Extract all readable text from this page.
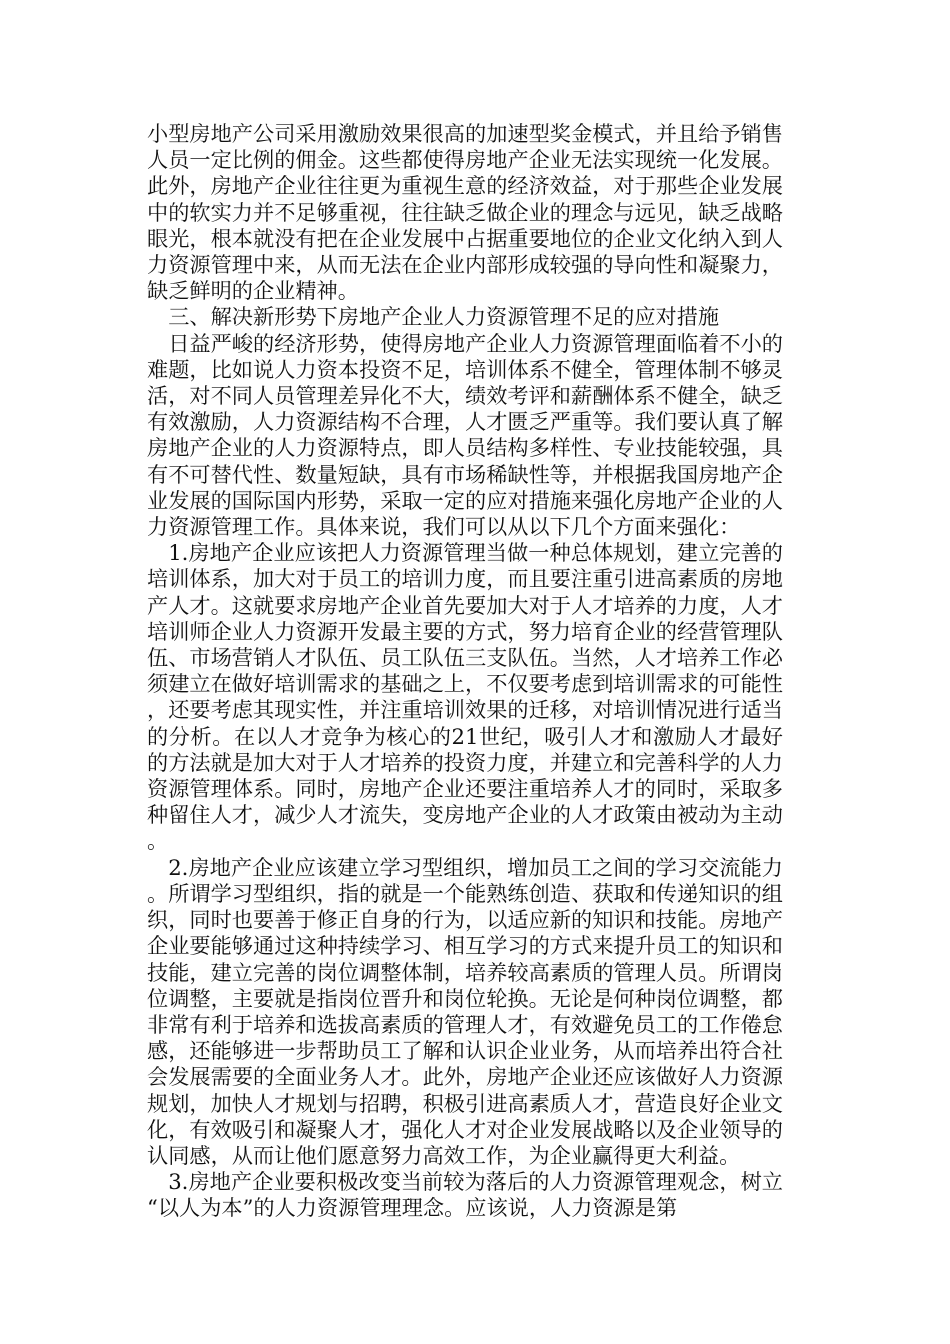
小型房地产公司采用激励效果很高的加速型奖金模式，并且给予销售人员一定比例的佣金。这些都使得房地产企业无法实现统一化发展。此外，房地产企业往往更为重视生意的经济效益，对于那些企业发展中的软实力并不足够重视，往往缺乏做企业的理念与远见，缺乏战略眼光，根本就没有把在企业发展中占据重要地位的企业文化纳入到人力资源管理中来，从而无法在企业内部形成较强的导向性和凝聚力，缺乏鲜明的企业精神。

三、解决新形势下房地产企业人力资源管理不足的应对措施

日益严峻的经济形势，使得房地产企业人力资源管理面临着不小的难题，比如说人力资本投资不足，培训体系不健全，管理体制不够灵活，对不同人员管理差异化不大，绩效考评和薪酬体系不健全，缺乏有效激励，人力资源结构不合理，人才匮乏严重等。我们要认真了解房地产企业的人力资源特点，即人员结构多样性、专业技能较强，具有不可替代性、数量短缺，具有市场稀缺性等，并根据我国房地产企业发展的国际国内形势，采取一定的应对措施来强化房地产企业的人力资源管理工作。具体来说，我们可以从以下几个方面来强化：

1.房地产企业应该把人力资源管理当做一种总体规划，建立完善的培训体系，加大对于员工的培训力度，而且要注重引进高素质的房地产人才。这就要求房地产企业首先要加大对于人才培养的力度，人才培训师企业人力资源开发最主要的方式，努力培育企业的经营管理队伍、市场营销人才队伍、员工队伍三支队伍。当然，人才培养工作必须建立在做好培训需求的基础之上，不仅要考虑到培训需求的可能性，还要考虑其现实性，并注重培训效果的迁移，对培训情况进行适当的分析。在以人才竞争为核心的21世纪，吸引人才和激励人才最好的方法就是加大对于人才培养的投资力度，并建立和完善科学的人力资源管理体系。同时，房地产企业还要注重培养人才的同时，采取多种留住人才，减少人才流失，变房地产企业的人才政策由被动为主动。

2.房地产企业应该建立学习型组织，增加员工之间的学习交流能力。所谓学习型组织，指的就是一个能熟练创造、获取和传递知识的组织，同时也要善于修正自身的行为，以适应新的知识和技能。房地产企业要能够通过这种持续学习、相互学习的方式来提升员工的知识和技能，建立完善的岗位调整体制，培养较高素质的管理人员。所谓岗位调整，主要就是指岗位晋升和岗位轮换。无论是何种岗位调整，都非常有利于培养和选拔高素质的管理人才，有效避免员工的工作倦怠感，还能够进一步帮助员工了解和认识企业业务，从而培养出符合社会发展需要的全面业务人才。此外，房地产企业还应该做好人力资源规划，加快人才规划与招聘，积极引进高素质人才，营造良好企业文化，有效吸引和凝聚人才，强化人才对企业发展战略以及企业领导的认同感，从而让他们愿意努力高效工作，为企业赢得更大利益。

3.房地产企业要积极改变当前较为落后的人力资源管理观念，树立“以人为本”的人力资源管理理念。应该说，人力资源是第
